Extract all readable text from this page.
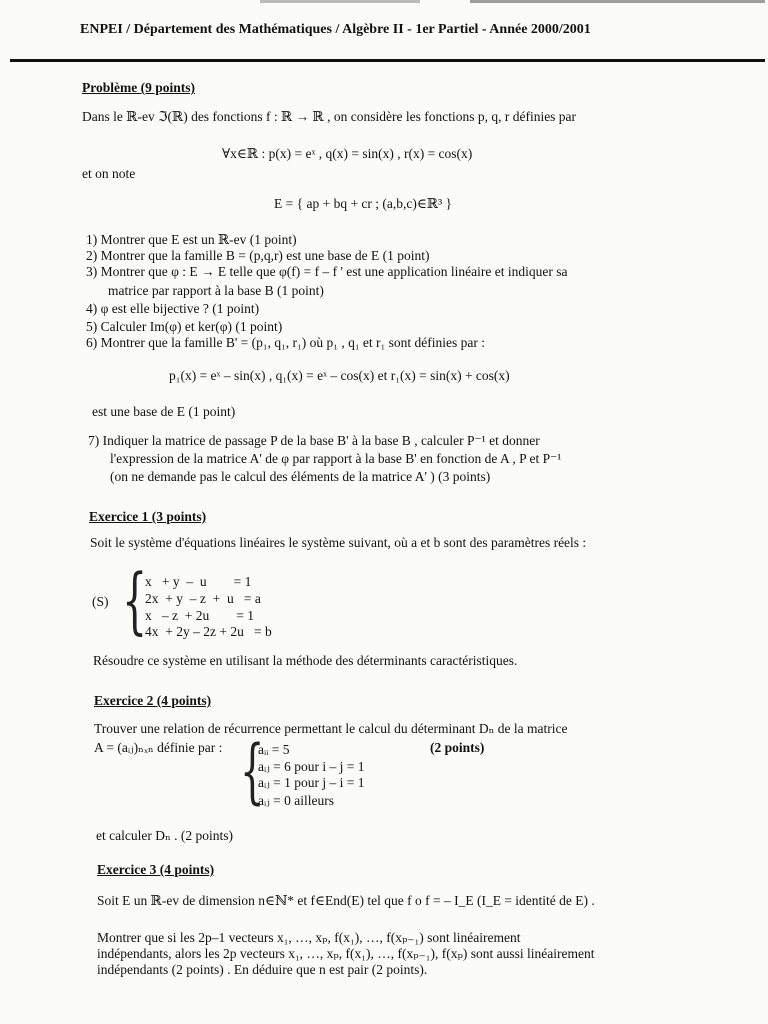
ENPEI / Département des Mathématiques / Algèbre II - 1er Partiel - Année 2000/2001
Problème (9 points)
Dans le ℝ-ev ℑ(ℝ) des fonctions f : ℝ → ℝ , on considère les fonctions p, q, r définies par
∀x∈ℝ : p(x) = eˣ , q(x) = sin(x) , r(x) = cos(x)
et on note
E = { ap + bq + cr ; (a,b,c)∈ℝ³ }
1) Montrer que E est un ℝ-ev (1 point)
2) Montrer que la famille B = (p,q,r) est une base de E (1 point)
3) Montrer que φ : E → E telle que φ(f) = f – f ' est une application linéaire et indiquer sa
matrice par rapport à la base B (1 point)
4) φ est elle bijective ? (1 point)
5) Calculer Im(φ) et ker(φ) (1 point)
6) Montrer que la famille B' = (p₁, q₁, r₁) où p₁ , q₁ et r₁ sont définies par :
p₁(x) = eˣ – sin(x) , q₁(x) = eˣ – cos(x) et r₁(x) = sin(x) + cos(x)
est une base de E (1 point)
7) Indiquer la matrice de passage P de la base B' à la base B , calculer P⁻¹ et donner
l'expression de la matrice A' de φ par rapport à la base B' en fonction de A , P et P⁻¹
(on ne demande pas le calcul des éléments de la matrice A' ) (3 points)
Exercice 1 (3 points)
Soit le système d'équations linéaires le système suivant, où a et b sont des paramètres réels :
(S) {
x   + y  –  u        = 1
2x  + y  – z  +  u   = a
x   – z  + 2u        = 1
4x  + 2y – 2z + 2u   = b
Résoudre ce système en utilisant la méthode des déterminants caractéristiques.
Exercice 2 (4 points)
Trouver une relation de récurrence permettant le calcul du déterminant Dₙ de la matrice
A = (aᵢⱼ)ₙₓₙ définie par : {
aᵢᵢ = 5	(2 points)
aᵢⱼ = 6 pour i – j = 1
aᵢⱼ = 1 pour j – i = 1
aᵢⱼ = 0 ailleurs
et calculer Dₙ . (2 points)
Exercice 3 (4 points)
Soit E un ℝ-ev de dimension n∈ℕ* et f∈End(E) tel que f o f = – I_E (I_E = identité de E) .
Montrer que si les 2p–1 vecteurs x₁, …, xₚ, f(x₁), …, f(xₚ₋₁) sont linéairement
indépendants, alors les 2p vecteurs x₁, …, xₚ, f(x₁), …, f(xₚ₋₁), f(xₚ) sont aussi linéairement
indépendants (2 points) . En déduire que n est pair (2 points).
